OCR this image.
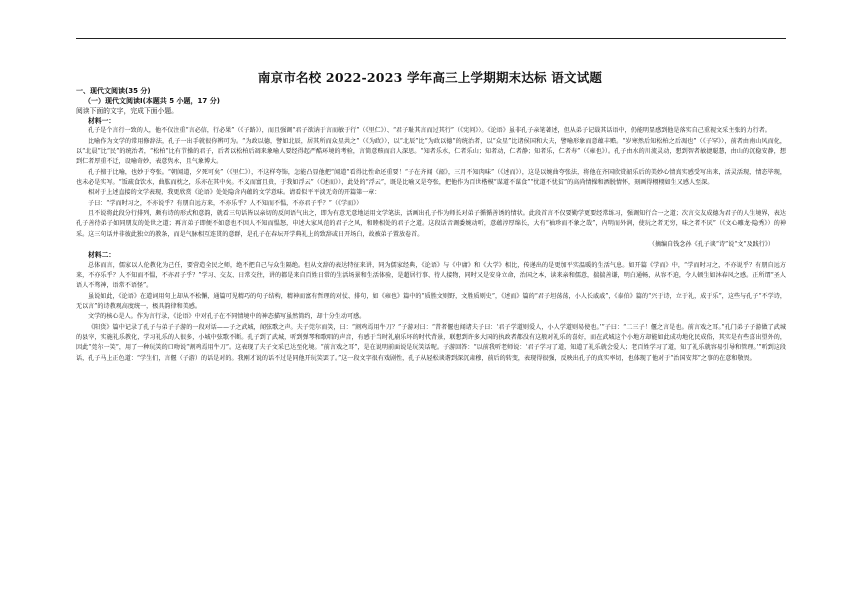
南京市名校 2022-2023 学年高三上学期期末达标 语文试题

一、现代文阅读(35 分)

（一）现代文阅读Ⅰ(本题共 5 小题，17 分)

阅读下面的文字，完成下面小题。

材料一：

孔子是个言行一致的人，他不仅注重“言必信，行必果”（《子路》），而且强调“君子欲讷于言而敏于行”（《里仁》）、“君子耻其言而过其行”（《宪问》）。《论语》虽非孔子亲笔著述，但从弟子记载其话语中，仍能明显感到他是落实自己重视文采主张的力行者。

比喻作为文学的常用修辞法，孔子一出手就很你辨可为。“为政以德，譬如北辰，居其所而众星共之”（《为政》），以“北辰”比“为政以德”的统治者，以“众星”比诸侯国和大夫，譬喻形象而意蕴丰赡。“岁寒然后知松柏之后凋也”（《子罕》），前者由南山风而化，以“北晨”比“民”的统治者，“松柏”比有节操的君子，后者以松柏后凋来象喻人要经得起严酷环境的考验，言简意赅而启人深思。“知者乐水，仁者乐山；知者动，仁者静；知者乐，仁者寿”（《雍也》）。孔子由水的川流灵动，想到智者敏捷聪慧，由山的沉稳安静，想到仁者厚重不迁，设喻奇妙，表意隽永，且气象博大。

孔子擅于比喻，也妙于夸张。“朝闻道，夕死可矣”（《里仁》），不这样夸饰，怎能凸显他把“闻道”看得比性命还重要！“子在齐闻《韶》，三月不知肉味”（《述而》），这是以婉曲夸张法，将他在齐国欣赏韶乐后的美妙心情真实感受写出来，活灵活现，情态毕现，也未必是实写。“饭疏食饮水，曲肱而枕之，乐亦在其中矣。不义而富且贵，于我如浮云”（《述而》），此处的“浮云”，既是比喻又是夸张，把他作为百世楷模“谋道不谋食”“忧道不忧贫”的高尚情操和洒脱情怀，刻画得栩栩如生又感人至深。

相对于上述直接的文学表现，我更欣赏《论语》处处隐含内蕴的文学意味。请看似平平淡无奇的开篇第一章：

子曰：“学而时习之，不亦说乎？有朋自远方来，不亦乐乎？人不知而不愠，不亦君子乎？”（《学而》）

且不说将此段分行排列，颇有诗的形式和意韵，就看三句话皆以亲切的反问语气出之，即为有意无意地运用文学笔法，活画出孔子作为师长对弟子循循善诱的情状。此段首言不仅要勤学更要经常练习，强调知行合一之道；次言交友成德为君子的人生境界，表达孔子善待弟子如同朋友的处世之道；再言弟子即便不如意也不因人不知而愠怒，申述大家风范的君子之风，和睦相处的君子之道。这段话音调委婉动听，意蕴淳厚绵长，大有“袖珍而不象之哉”，内明而外润，使玩之者无穷，味之者不厌”（《文心雕龙·隐秀》）的神采。这三句话并非彼此独立的教条，而是气脉相互连贯的意群，是孔子在春坛开学典礼上的致辞或日开场白，故被弟子置放卷首。

（摘编自钱念孙《孔子谈“诗”说“文”及践行》）

材料二：

总体而言，儒家以人伦教化为己任，要营造全民之师，绝不把自己与众生隔绝。但从文辞的表达特征来讲，同为儒家经典，《论语》与《中庸》和《大学》相比，传递出的是更加平实温暖的生活气息。如开篇《学而》中，“学而时习之，不亦说乎？有朋自远方来，不亦乐乎？人不知而不愠，不亦君子乎？”学习、交友、日常交往，讲的都是来自百姓日常的生活场景和生活体验，是超居行事、待人接物，同时又是安身立命，治国之本，读来亲和儒意，揣揣善谦，明白通畅，从容不迫，令人顿生如沐春风之感。正所谓“圣人语人不骛神，语常不语怪”。

虽说如此，《论语》在道词用句上却从不松懈，通篇可见精巧的句子结构，精神而富有哲理的对仗、排句，如《雍也》篇中的“质胜文则野，文胜质则史”，《述而》篇的“君子坦荡荡，小人长戚戚”，《泰伯》篇的“兴于诗，立于礼，成于乐”，这些与孔子“不学诗，无以言”的诗教观高度统一，极具韵律和美感。

文学的核心是人。作为言行录，《论语》中对孔子在不同情境中的神态描写虽然简约，却十分生动可感。

《阳货》篇中记录了孔子与弟子子游的一段对话——子之武城，闻弦歌之声。夫子莞尔而笑，曰：“割鸡焉用牛刀？”子游对曰：“昔者偃也闻诸夫子曰：‘君子学道则爱人，小人学道则易使也。’”子曰：“二三子！偃之言是也。前言戏之耳。”孔门弟子子游做了武城的县宰，实施礼乐教化，学习礼乐的人很多，小城中弦歌不断。孔子到了武城，听到弹琴和歌唱的声音，有感于当时礼崩乐坏的时代背景，联想到许多大国的执政者都没有这般对礼乐的喜好，而在武城这个小地方却能如此成功地化民成俗，其实是有些喜出望外的，因此“莞尔一笑”，用了一种玩笑的口吻说“割鸡焉用牛刀”。这表现了夫子文采已达至化境。“前言戏之耳”，是在说明前面说是玩笑话呢。子游回答：“以前我听老师说：‘君子学习了道，知道了礼乐就会爱人；老百姓学习了道，知了礼乐就容易引导和管理。’”听到这段话，孔子马上正色道：“学生们，言偃（子游）的话是对的。我刚才说的话不过是同他开玩笑罢了。”这一段文字很有戏剧性，孔子从轻松谈谐到深沉肃穆，前后的转变，表现得很强，反映出孔子的真实率切，也体现了他对于“治国安邦”之事的在意和敬畏。
